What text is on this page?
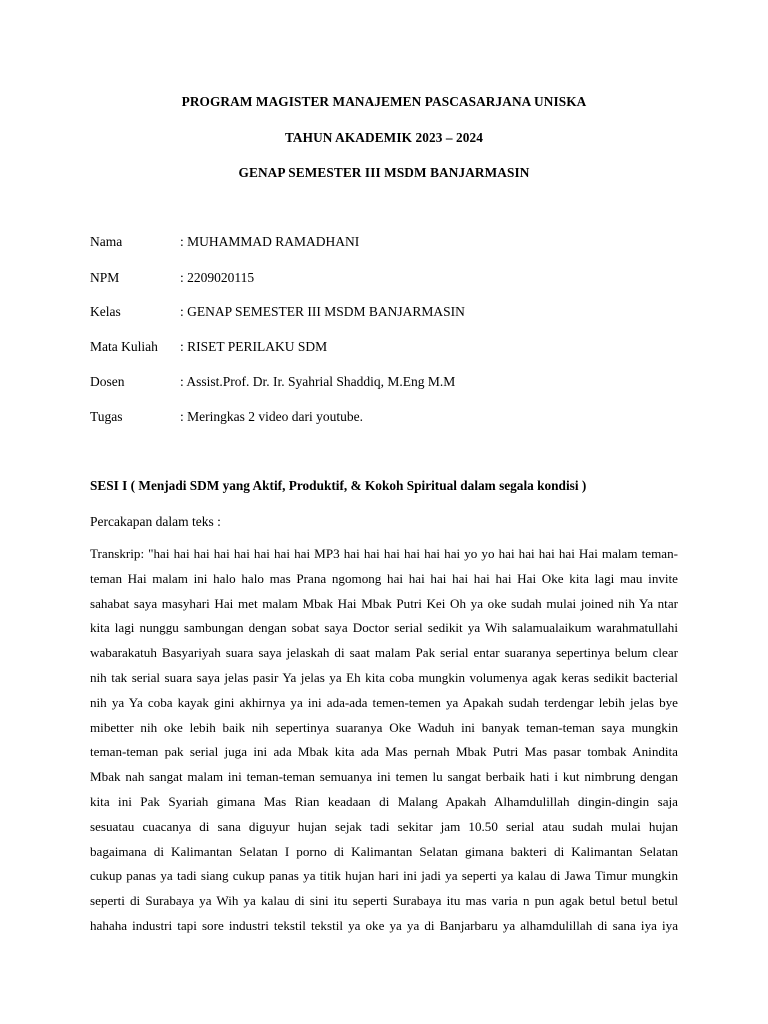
PROGRAM MAGISTER MANAJEMEN PASCASARJANA UNISKA
TAHUN AKADEMIK 2023 – 2024
GENAP SEMESTER III MSDM BANJARMASIN
Nama	: MUHAMMAD RAMADHANI
NPM	: 2209020115
Kelas	: GENAP SEMESTER III MSDM BANJARMASIN
Mata Kuliah : RISET PERILAKU SDM
Dosen	: Assist.Prof. Dr. Ir. Syahrial Shaddiq, M.Eng M.M
Tugas	: Meringkas 2 video dari youtube.
SESI I ( Menjadi SDM yang Aktif, Produktif, & Kokoh Spiritual dalam segala kondisi )
Percakapan dalam teks :
Transkrip: "hai hai hai hai hai hai hai hai MP3 hai hai hai hai hai hai yo yo hai hai hai hai Hai malam teman-
teman Hai malam ini halo halo mas Prana ngomong hai hai hai hai hai hai Hai Oke kita lagi mau invite
sahabat saya masyhari Hai met malam Mbak Hai Mbak Putri Kei Oh ya oke sudah mulai joined nih Ya ntar
kita lagi nunggu sambungan dengan sobat saya Doctor serial sedikit ya Wih salamualaikum warahmatullahi
wabarakatuh Basyariyah suara saya jelaskah di saat malam Pak serial entar suaranya sepertinya belum clear
nih tak serial suara saya jelas pasir Ya jelas ya Eh kita coba mungkin volumenya agak keras sedikit bacterial
nih ya Ya coba kayak gini akhirnya ya ini ada-ada temen-temen ya Apakah sudah terdengar lebih jelas bye
mibetter nih oke lebih baik nih sepertinya suaranya Oke Waduh ini banyak teman-teman saya mungkin
teman-teman pak serial juga ini ada Mbak kita ada Mas pernah Mbak Putri Mas pasar tombak Anindita
Mbak nah sangat malam ini teman-teman semuanya ini temen lu sangat berbaik hati i kut nimbrung dengan
kita ini Pak Syariah gimana Mas Rian keadaan di Malang Apakah Alhamdulillah dingin-dingin saja
sesuatau cuacanya di sana diguyur hujan sejak tadi sekitar jam 10.50 serial atau sudah mulai hujan
bagaimana di Kalimantan Selatan I porno di Kalimantan Selatan gimana bakteri di Kalimantan Selatan
cukup panas ya tadi siang cukup panas ya titik hujan hari ini jadi ya seperti ya kalau di Jawa Timur mungkin
seperti di Surabaya ya Wih ya kalau di sini itu seperti Surabaya itu mas varia n pun agak betul betul betul
hahaha industri tapi sore industri tekstil tekstil ya oke ya ya di Banjarbaru ya alhamdulillah di sana iya iya
